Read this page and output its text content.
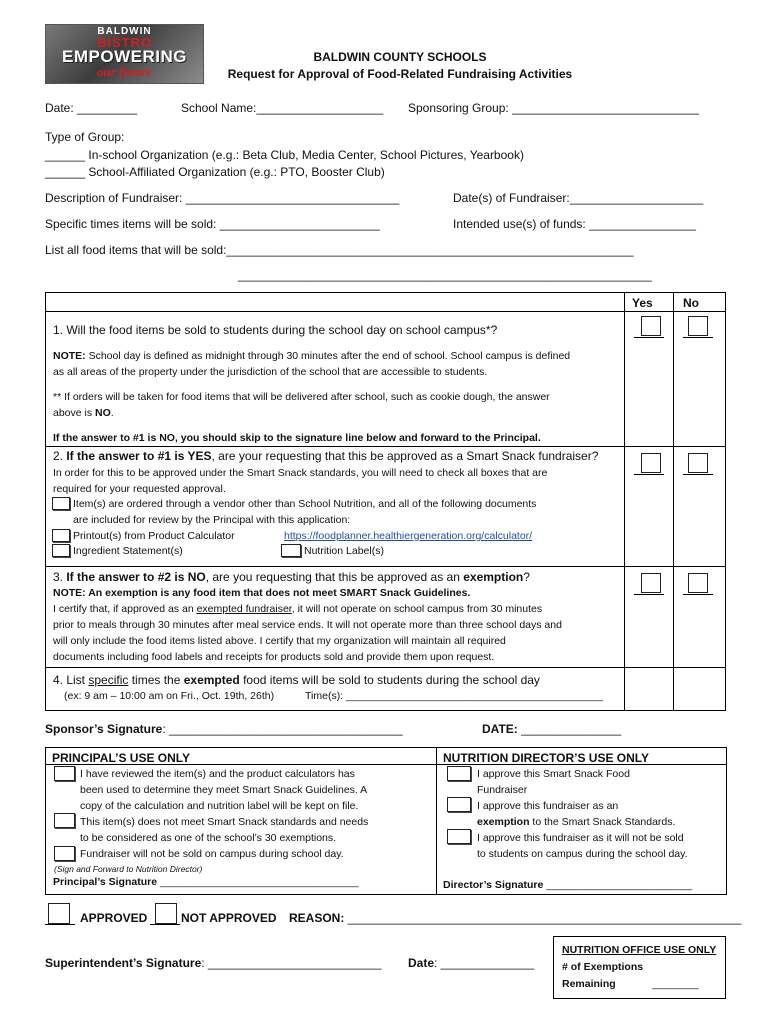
BALDWIN
BISTRO
EMPOWERING
our future
BALDWIN COUNTY SCHOOLS
Request for Approval of Food-Related Fundraising Activities
Date: _________	School Name:___________________ Sponsoring Group: ____________________________
Type of Group:
______ In-school Organization (e.g.: Beta Club, Media Center, School Pictures, Yearbook)
______ School-Affiliated Organization (e.g.: PTO, Booster Club)
Description of Fundraiser: ________________________________	Date(s) of Fundraiser:____________________
Specific times items will be sold: ________________________	Intended use(s) of funds: ________________
List all food items that will be sold:_____________________________________________________________
______________________________________________________________
Yes	No
1. Will the food items be sold to students during the school day on school campus*?
NOTE: School day is defined as midnight through 30 minutes after the end of school. School campus is defined
as all areas of the property under the jurisdiction of the school that are accessible to students.
** If orders will be taken for food items that will be delivered after school, such as cookie dough, the answer
above is NO.
If the answer to #1 is NO, you should skip to the signature line below and forward to the Principal.
2. If the answer to #1 is YES, are your requesting that this be approved as a Smart Snack fundraiser?
In order for this to be approved under the Smart Snack standards, you will need to check all boxes that are
required for your requested approval.
Item(s) are ordered through a vendor other than School Nutrition, and all of the following documents
are included for review by the Principal with this application:
Printout(s) from Product Calculator	https://foodplanner.healthiergeneration.org/calculator/
Ingredient Statement(s)	Nutrition Label(s)
3. If the answer to #2 is NO, are you requesting that this be approved as an exemption?
NOTE: An exemption is any food item that does not meet SMART Snack Guidelines.
I certify that, if approved as an exempted fundraiser, it will not operate on school campus from 30 minutes
prior to meals through 30 minutes after meal service ends. It will not operate more than three school days and
will only include the food items listed above. I certify that my organization will maintain all required
documents including food labels and receipts for products sold and provide them upon request.
4. List specific times the exempted food items will be sold to students during the school day
(ex: 9 am – 10:00 am on Fri., Oct. 19th, 26th)	Time(s): ____________________________________________
Sponsor’s Signature: ___________________________________	DATE: _______________
PRINCIPAL’S USE ONLY
I have reviewed the item(s) and the product calculators has
been used to determine they meet Smart Snack Guidelines. A
copy of the calculation and nutrition label will be kept on file.
This item(s) does not meet Smart Snack standards and needs
to be considered as one of the school’s 30 exemptions.
Fundraiser will not be sold on campus during school day.
(Sign and Forward to Nutrition Director)
Principal’s Signature __________________________________
NUTRITION DIRECTOR’S USE ONLY
I approve this Smart Snack Food
Fundraiser
I approve this fundraiser as an
exemption to the Smart Snack Standards.
I approve this fundraiser as it will not be sold
to students on campus during the school day.
Director’s Signature _________________________
APPROVED	NOT APPROVED REASON: ___________________________________________________________
Superintendent’s Signature: __________________________ Date: ______________
NUTRITION OFFICE USE ONLY
# of Exemptions
Remaining	________
